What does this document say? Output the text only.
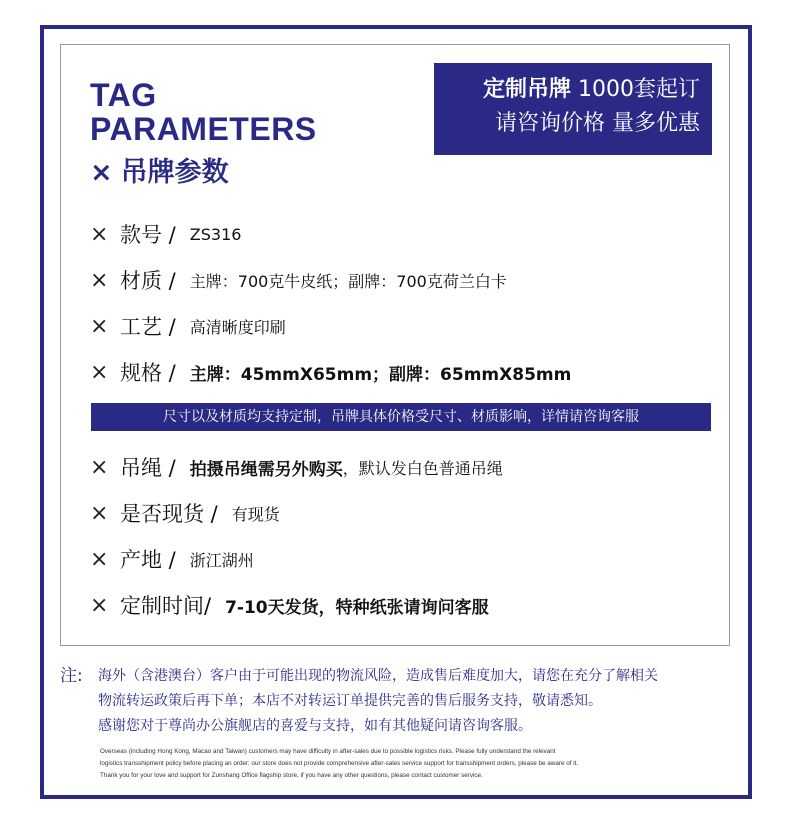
TAG
PARAMETERS
× 吊牌参数
定制吊牌 1000套起订
请咨询价格 量多优惠
× 款号 / ZS316
× 材质 / 主牌：700克牛皮纸；副牌：700克荷兰白卡
× 工艺 / 高清晰度印刷
× 规格 / 主牌：45mmX65mm；副牌：65mmX85mm
尺寸以及材质均支持定制，吊牌具体价格受尺寸、材质影响，详情请咨询客服
× 吊绳 / 拍摄吊绳需另外购买 ，默认发白色普通吊绳
× 是否现货 / 有现货
× 产地 / 浙江湖州
× 定制时间/ 7-10天发货，特种纸张请询问客服
注: 海外（含港澳台）客户由于可能出现的物流风险，造成售后难度加大，请您在充分了解相关
物流转运政策后再下单；本店不对转运订单提供完善的售后服务支持，敬请悉知。
感谢您对于尊尚办公旗舰店的喜爱与支持，如有其他疑问请咨询客服。
Overseas (including Hong Kong, Macao and Taiwan) customers may have difficulty in after-sales due to possible logistics risks. Please fully understand the relevant
logistics transshipment policy before placing an order; our store does not provide comprehensive after-sales service support for transshipment orders, please be aware of it.
Thank you for your love and support for Zunshang Office flagship store, if you have any other questions, please contact customer service.
